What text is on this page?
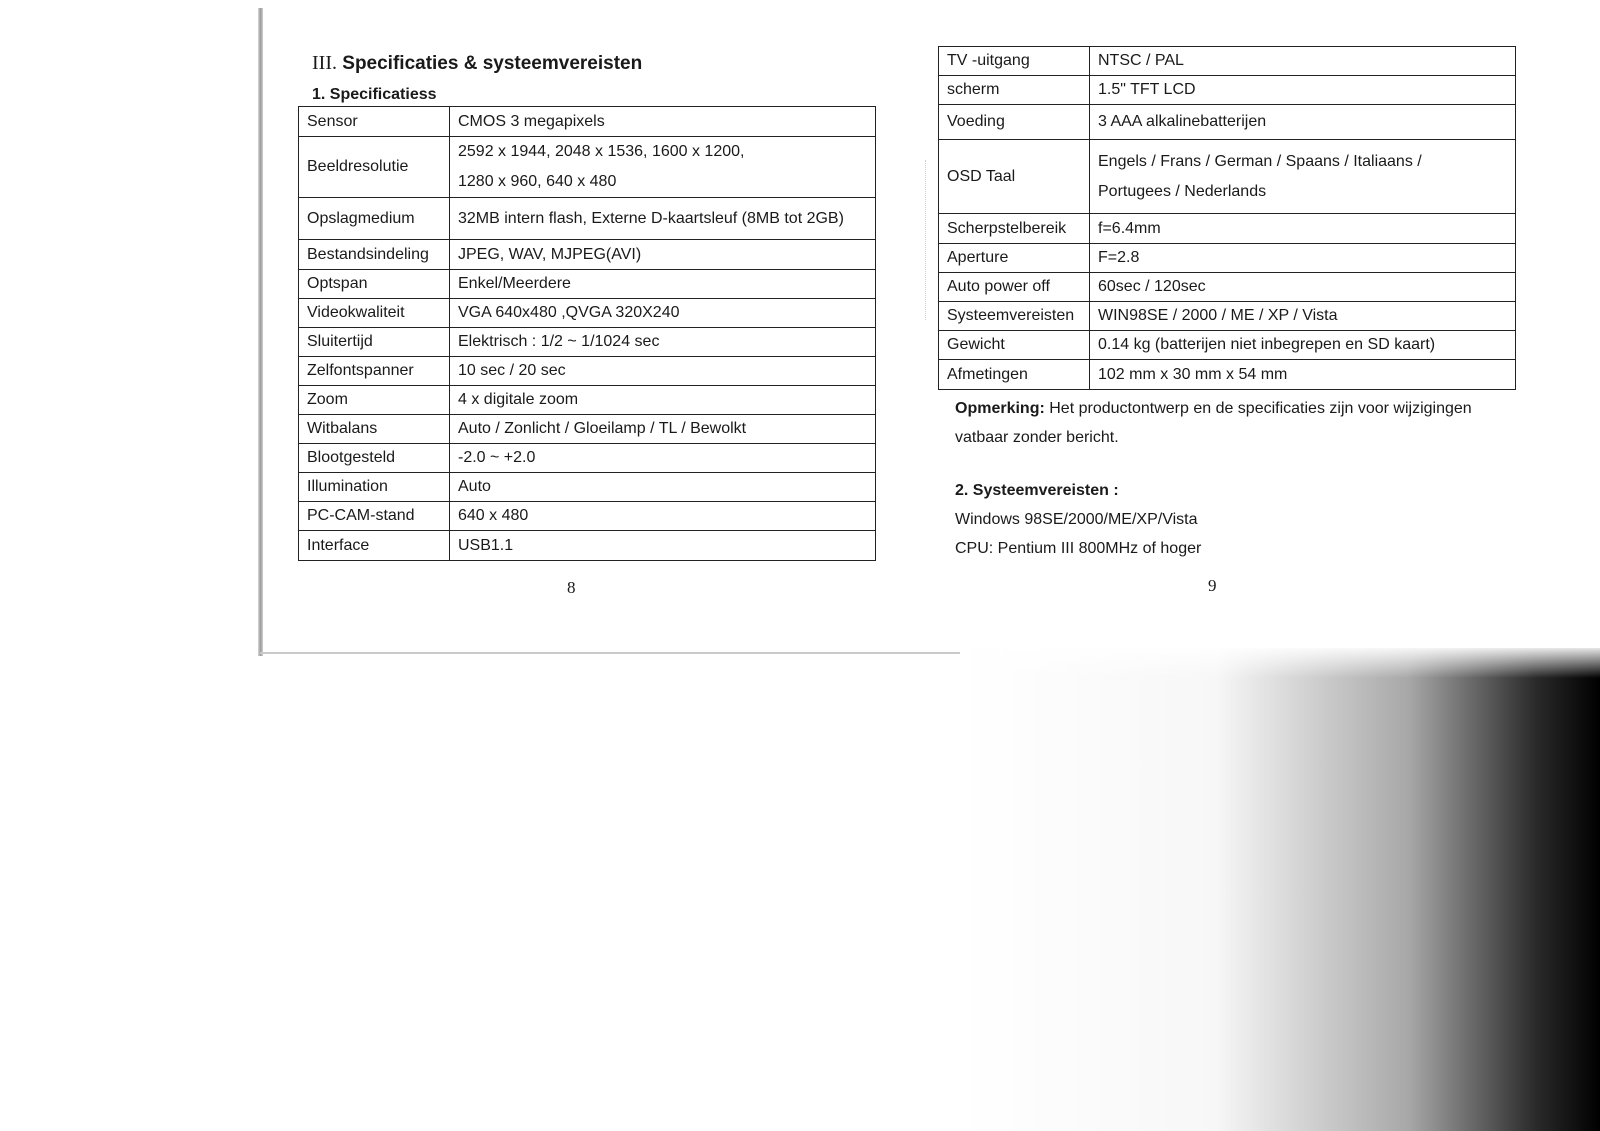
III. Specificaties & systeemvereisten
1. Specificatiess
Sensor	CMOS 3 megapixels
Beeldresolutie	2592 x 1944, 2048 x 1536, 1600 x 1200,
1280 x 960, 640 x 480

Opslagmedium	32MB intern flash, Externe D-kaartsleuf (8MB tot 2GB)
Bestandsindeling	JPEG, WAV, MJPEG(AVI)
Optspan	Enkel/Meerdere
Videokwaliteit	VGA 640x480 ,QVGA 320X240
Sluitertijd	Elektrisch : 1/2 ~ 1/1024 sec
Zelfontspanner	10 sec / 20 sec
Zoom	4 x digitale zoom
Witbalans	Auto / Zonlicht / Gloeilamp / TL / Bewolkt
Blootgesteld	-2.0 ~ +2.0
Illumination	Auto
PC-CAM-stand	640 x 480
Interface	USB1.1
8
TV -uitgang	NTSC / PAL
scherm	1.5" TFT LCD
Voeding	3 AAA alkalinebatterijen
OSD Taal	Engels / Frans / German / Spaans / Italiaans /
Portugees / Nederlands

Scherpstelbereik	f=6.4mm
Aperture	F=2.8
Auto power off	60sec / 120sec
Systeemvereisten	WIN98SE / 2000 / ME / XP / Vista
Gewicht	0.14 kg (batterijen niet inbegrepen en SD kaart)
Afmetingen	102 mm x 30 mm x 54 mm

Opmerking: Het productontwerp en de specificaties zijn voor wijzigingen vatbaar zonder bericht.

2. Systeemvereisten :

Windows 98SE/2000/ME/XP/Vista

CPU: Pentium III 800MHz of hoger

9
